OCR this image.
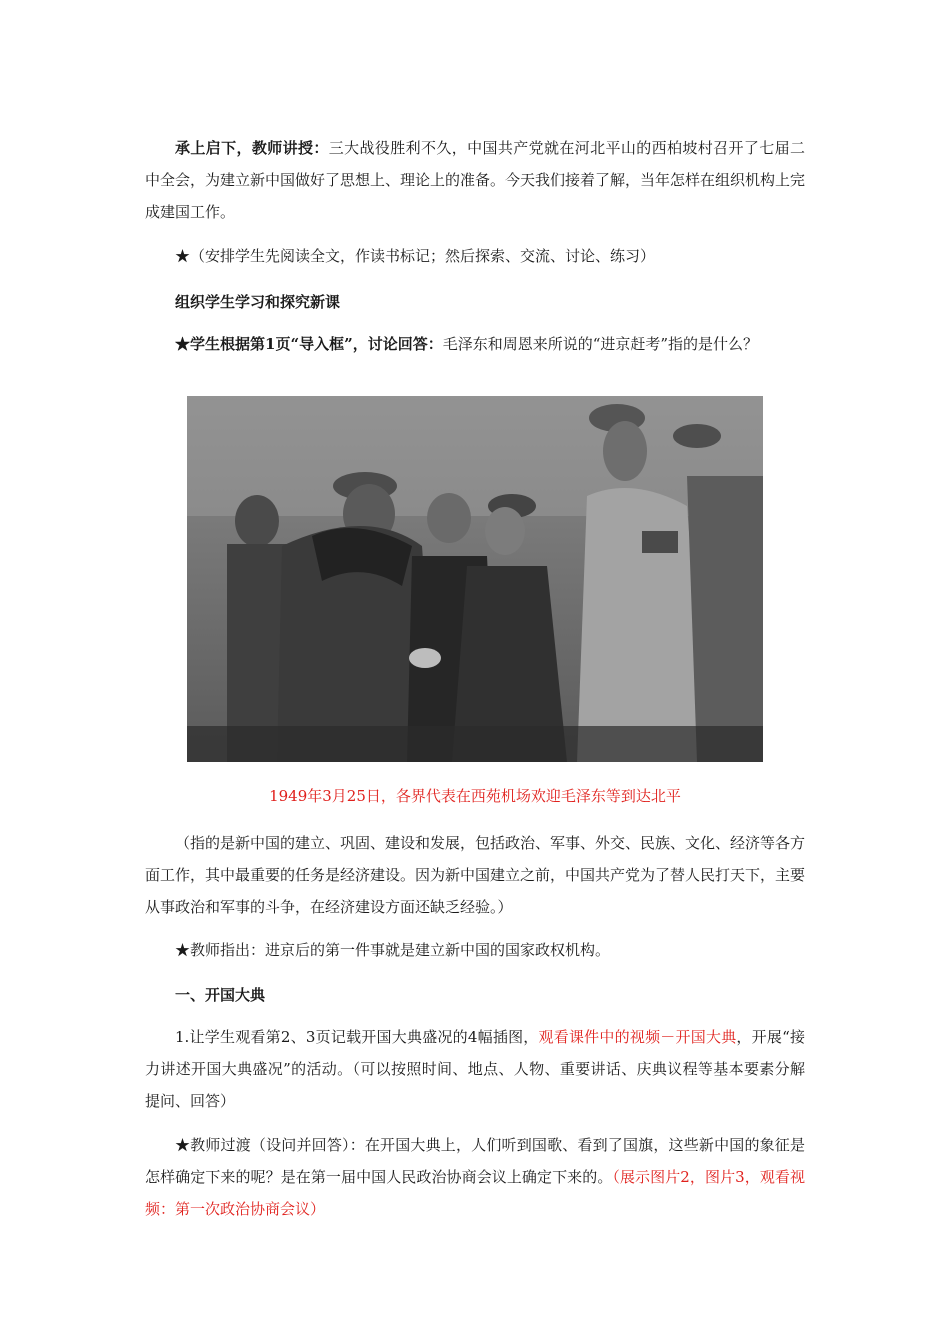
承上启下，教师讲授：三大战役胜利不久，中国共产党就在河北平山的西柏坡村召开了七届二中全会，为建立新中国做好了思想上、理论上的准备。今天我们接着了解，当年怎样在组织机构上完成建国工作。

★（安排学生先阅读全文，作读书标记；然后探索、交流、讨论、练习）

组织学生学习和探究新课

★学生根据第1页“导入框”，讨论回答：毛泽东和周恩来所说的“进京赶考”指的是什么？

1949年3月25日，各界代表在西苑机场欢迎毛泽东等到达北平

（指的是新中国的建立、巩固、建设和发展，包括政治、军事、外交、民族、文化、经济等各方面工作，其中最重要的任务是经济建设。因为新中国建立之前，中国共产党为了替人民打天下，主要从事政治和军事的斗争，在经济建设方面还缺乏经验。）

★教师指出：进京后的第一件事就是建立新中国的国家政权机构。

一、开国大典

1.让学生观看第2、3页记载开国大典盛况的4幅插图，观看课件中的视频－开国大典，开展“接力讲述开国大典盛况”的活动。（可以按照时间、地点、人物、重要讲话、庆典议程等基本要素分解提问、回答）

★教师过渡（设问并回答）：在开国大典上，人们听到国歌、看到了国旗，这些新中国的象征是怎样确定下来的呢？是在第一届中国人民政治协商会议上确定下来的。（展示图片2，图片3，观看视频：第一次政治协商会议）
